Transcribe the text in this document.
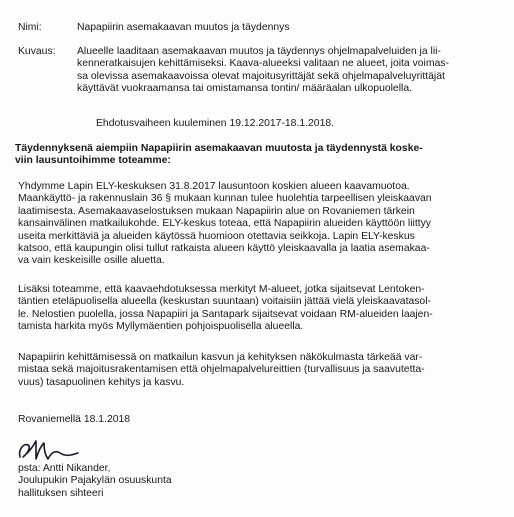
Nimi:	Napapiirin asemakaavan muutos ja täydennys
Kuvaus:	Alueelle laaditaan asemakaavan muutos ja täydennys ohjelmapalveluiden ja lii-
kenneratkaisujen kehittämiseksi. Kaava-alueeksi valitaan ne alueet, joita voimas-
sa olevissa asemakaavoissa olevat majoitusyrittäjät sekä ohjelmapalveluyrittäjät
käyttävät vuokraamansa tai omistamansa tontin/ määräalan ulkopuolella.
Ehdotusvaiheen kuuleminen 19.12.2017-18.1.2018.
Täydennyksenä aiempiin Napapiirin asemakaavan muutosta ja täydennystä koske-
viin lausuntoihimme toteamme:
Yhdymme Lapin ELY-keskuksen 31.8.2017 lausuntoon koskien alueen kaavamuotoa.
Maankäyttö- ja rakennuslain 36 § mukaan kunnan tulee huolehtia tarpeellisen yleiskaavan
laatimisesta. Asemakaavaselostuksen mukaan Napapiirin alue on Rovaniemen tärkein
kansainvälinen matkailukohde. ELY-keskus toteaa, että Napapiirin alueiden käyttöön liittyy
useita merkittäviä ja alueiden käytössä huomioon otettavia seikkoja. Lapin ELY-keskus
katsoo, että kaupungin olisi tullut ratkaista alueen käyttö yleiskaavalla ja laatia asemakaa-
va vain keskeisille osille aluetta.
Lisäksi toteamme, että kaavaehdotuksessa merkityt M-alueet, jotka sijaitsevat Lentoken-
täntien eteläpuolisella alueella (keskustan suuntaan) voitaisiin jättää vielä yleiskaavatasol-
le. Nelostien puolella, jossa Napapiiri ja Santapark sijaitsevat voidaan RM-alueiden laajen-
tamista harkita myös Myllymäentien pohjoispuolisella alueella.
Napapiirin kehittämisessä on matkailun kasvun ja kehityksen näkökulmasta tärkeää var-
mistaa sekä majoitusrakentamisen että ohjelmapalvelureittien (turvallisuus ja saavutetta-
vuus) tasapuolinen kehitys ja kasvu.
Rovaniemellä 18.1.2018
psta: Antti Nikander,
Joulupukin Pajakylän osuuskunta
hallituksen sihteeri
